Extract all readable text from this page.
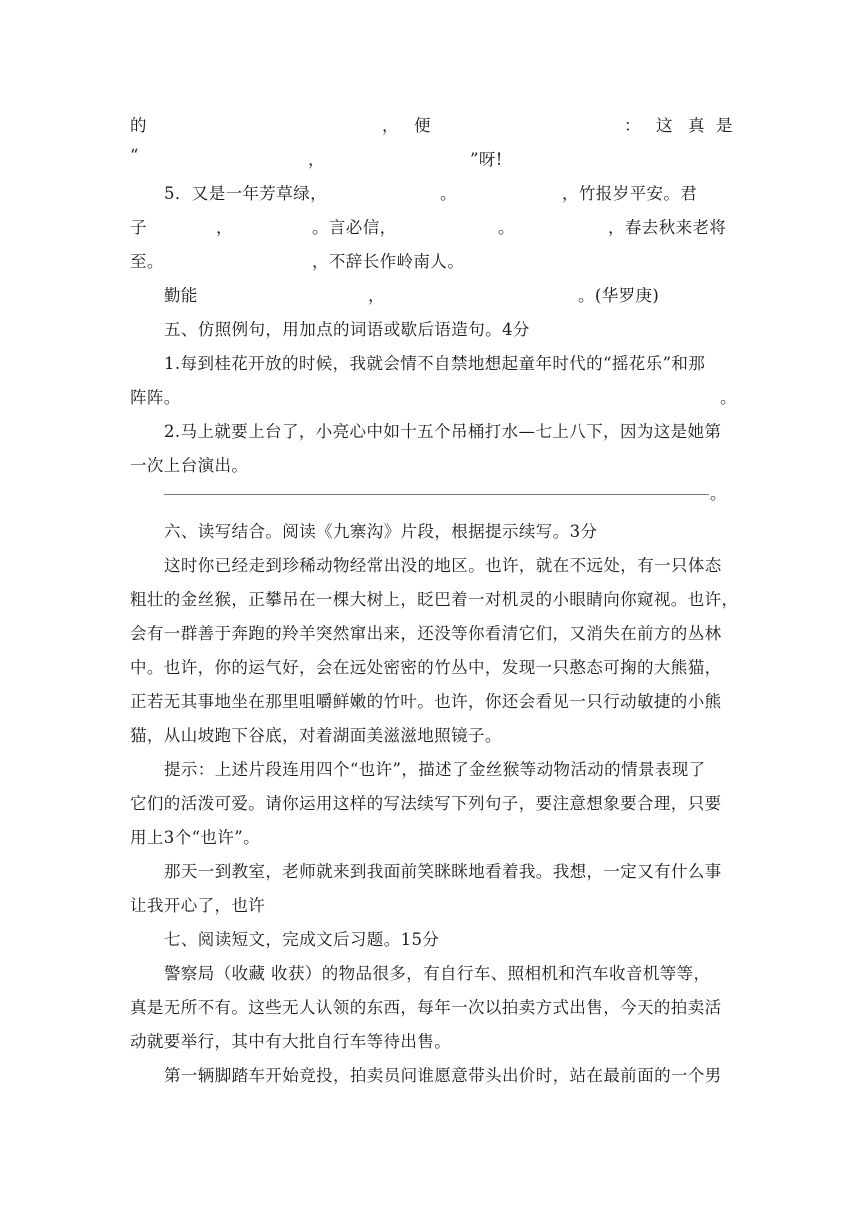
的	， 便	： 这 真 是
“	，	”呀!
5．又是一年芳草绿，	。	，竹报岁平安。君
子	，	。言必信，	。	，春去秋来老将
至。	，不辞长作岭南人。
勤能	，	。(华罗庚)
五、仿照例句，用加点的词语或歇后语造句。4分
1.每到桂花开放的时候，我就会情不自禁地想起童年时代的“摇花乐”和那
阵阵。	。
2.马上就要上台了，小亮心中如十五个吊桶打水—七上八下，因为这是她第
一次上台演出。
。
六、读写结合。阅读《九寨沟》片段，根据提示续写。3分
这时你已经走到珍稀动物经常出没的地区。也许，就在不远处，有一只体态
粗壮的金丝猴，正攀吊在一棵大树上，眨巴着一对机灵的小眼睛向你窥视。也许，
会有一群善于奔跑的羚羊突然窜出来，还没等你看清它们，又消失在前方的丛林
中。也许，你的运气好，会在远处密密的竹丛中，发现一只憨态可掬的大熊猫，
正若无其事地坐在那里咀嚼鲜嫩的竹叶。也许，你还会看见一只行动敏捷的小熊
猫，从山坡跑下谷底，对着湖面美滋滋地照镜子。
提示：上述片段连用四个“也许”，描述了金丝猴等动物活动的情景表现了
它们的活泼可爱。请你运用这样的写法续写下列句子，要注意想象要合理，只要
用上3个“也许”。
那天一到教室，老师就来到我面前笑眯眯地看着我。我想，一定又有什么事
让我开心了，也许
七、阅读短文，完成文后习题。15分
警察局（收藏 收获）的物品很多，有自行车、照相机和汽车收音机等等，
真是无所不有。这些无人认领的东西，每年一次以拍卖方式出售，今天的拍卖活
动就要举行，其中有大批自行车等待出售。
第一辆脚踏车开始竞投，拍卖员问谁愿意带头出价时，站在最前面的一个男
